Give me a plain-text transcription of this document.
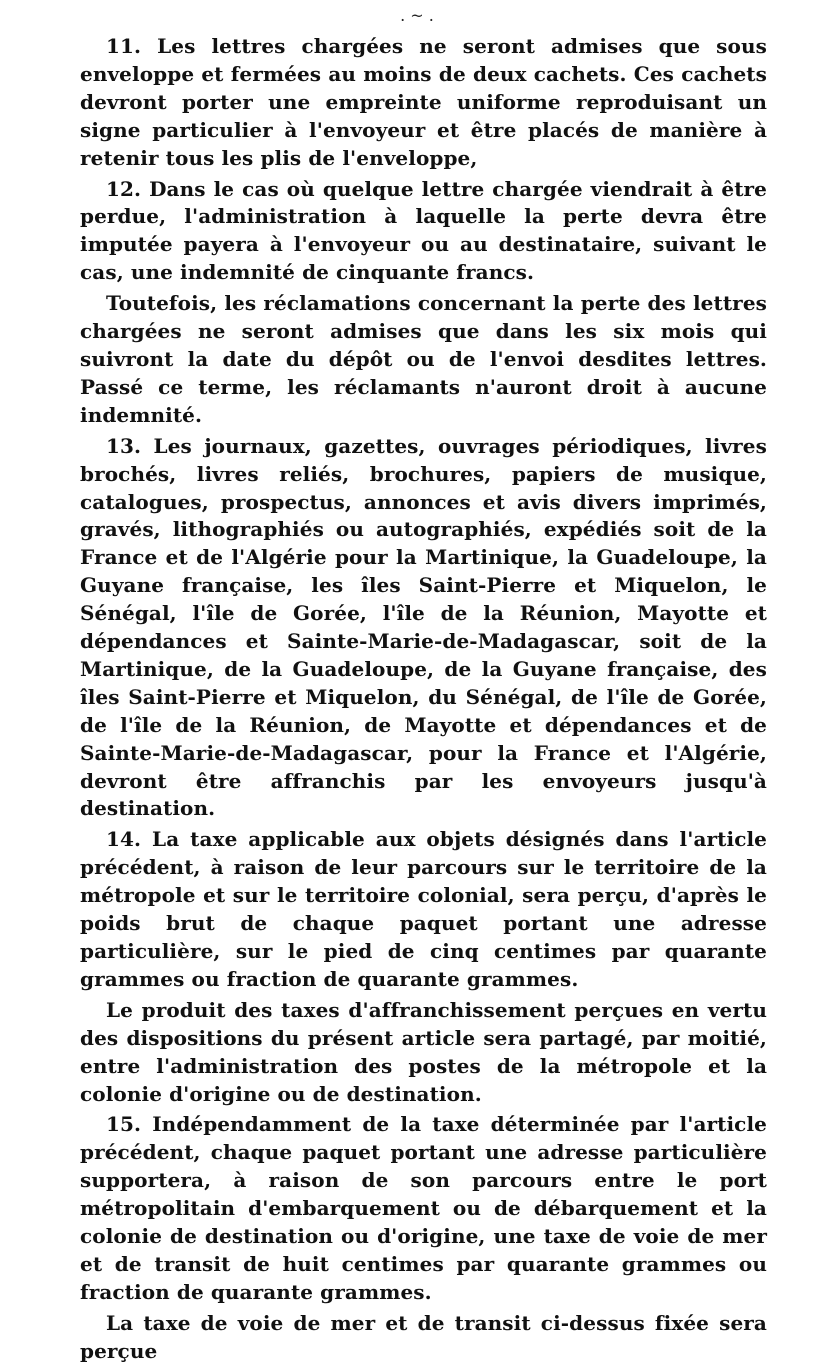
. ~ .

11. Les lettres chargées ne seront admises que sous enveloppe et fermées au moins de deux cachets. Ces cachets devront porter une empreinte uniforme reproduisant un signe particulier à l'envoyeur et être placés de manière à retenir tous les plis de l'enveloppe,

12. Dans le cas où quelque lettre chargée viendrait à être perdue, l'administration à laquelle la perte devra être imputée payera à l'envoyeur ou au destinataire, suivant le cas, une indemnité de cinquante francs.

Toutefois, les réclamations concernant la perte des lettres chargées ne seront admises que dans les six mois qui suivront la date du dépôt ou de l'envoi desdites lettres. Passé ce terme, les réclamants n'auront droit à aucune indemnité.

13. Les journaux, gazettes, ouvrages périodiques, livres brochés, livres reliés, brochures, papiers de musique, catalogues, prospectus, annonces et avis divers imprimés, gravés, lithographiés ou autographiés, expédiés soit de la France et de l'Algérie pour la Martinique, la Guadeloupe, la Guyane française, les îles Saint-Pierre et Miquelon, le Sénégal, l'île de Gorée, l'île de la Réunion, Mayotte et dépendances et Sainte-Marie-de-Madagascar, soit de la Martinique, de la Guadeloupe, de la Guyane française, des îles Saint-Pierre et Miquelon, du Sénégal, de l'île de Gorée, de l'île de la Réunion, de Mayotte et dépendances et de Sainte-Marie-de-Madagascar, pour la France et l'Algérie, devront être affranchis par les envoyeurs jusqu'à destination.

14. La taxe applicable aux objets désignés dans l'article précédent, à raison de leur parcours sur le territoire de la métropole et sur le territoire colonial, sera perçu, d'après le poids brut de chaque paquet portant une adresse particulière, sur le pied de cinq centimes par quarante grammes ou fraction de quarante grammes.

Le produit des taxes d'affranchissement perçues en vertu des dispositions du présent article sera partagé, par moitié, entre l'administration des postes de la métropole et la colonie d'origine ou de destination.

15. Indépendamment de la taxe déterminée par l'article précédent, chaque paquet portant une adresse particulière supportera, à raison de son parcours entre le port métropolitain d'embarquement ou de débarquement et la colonie de destination ou d'origine, une taxe de voie de mer et de transit de huit centimes par quarante grammes ou fraction de quarante grammes.

La taxe de voie de mer et de transit ci-dessus fixée sera perçue
